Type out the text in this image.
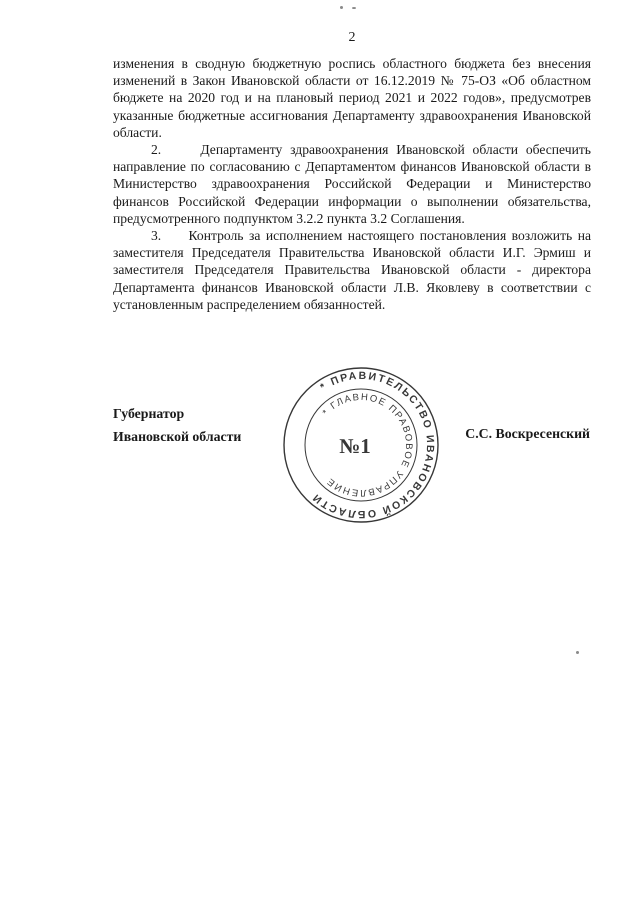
2

изменения в сводную бюджетную роспись областного бюджета без внесения изменений в Закон Ивановской области от 16.12.2019 № 75-ОЗ «Об областном бюджете на 2020 год и на плановый период 2021 и 2022 годов», предусмотрев указанные бюджетные ассигнования Департаменту здравоохранения Ивановской области.

2.     Департаменту здравоохранения Ивановской области обеспечить направление по согласованию с Департаментом финансов Ивановской области в Министерство здравоохранения Российской Федерации и Министерство финансов Российской Федерации информации о выполнении обязательства, предусмотренного подпунктом 3.2.2 пункта 3.2 Соглашения.

3.     Контроль за исполнением настоящего постановления возложить на заместителя Председателя Правительства Ивановской области И.Г. Эрмиш и заместителя Председателя Правительства Ивановской области - директора Департамента финансов Ивановской области Л.В. Яковлеву в соответствии с установленным распределением обязанностей.

Губернатор
Ивановской области	С.С. Воскресенский
* ПРАВИТЕЛЬСТВО ИВАНОВСКОЙ ОБЛАСТИ
* ГЛАВНОЕ ПРАВОВОЕ УПРАВЛЕНИЕ
№1
